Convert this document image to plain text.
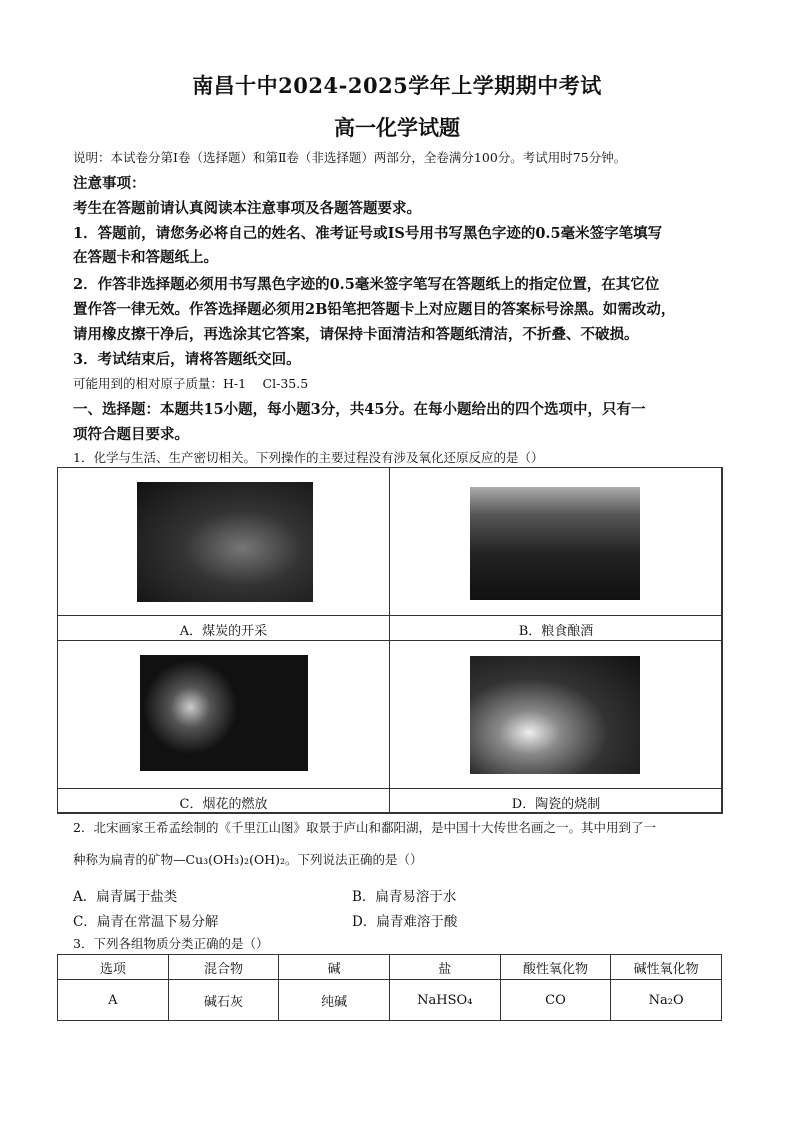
南昌十中2024-2025学年上学期期中考试
高一化学试题
说明：本试卷分第Ⅰ卷（选择题）和第Ⅱ卷（非选择题）两部分，全卷满分100分。考试用时75分钟。
注意事项：
考生在答题前请认真阅读本注意事项及各题答题要求。
1．答题前，请您务必将自己的姓名、准考证号或IS号用书写黑色字迹的0.5毫米签字笔填写
在答题卡和答题纸上。
2．作答非选择题必须用书写黑色字迹的0.5毫米签字笔写在答题纸上的指定位置，在其它位
置作答一律无效。作答选择题必须用2B铅笔把答题卡上对应题目的答案标号涂黑。如需改动，
请用橡皮擦干净后，再选涂其它答案，请保持卡面清洁和答题纸清洁，不折叠、不破损。
3．考试结束后，请将答题纸交回。
可能用到的相对原子质量：H-1　 Cl-35.5
一、选择题：本题共15小题，每小题3分，共45分。在每小题给出的四个选项中，只有一
项符合题目要求。
1．化学与生活、生产密切相关。下列操作的主要过程没有涉及氧化还原反应的是（）
A．煤炭的开采	B．粮食酿酒
C．烟花的燃放	D．陶瓷的烧制
2．北宋画家王希孟绘制的《千里江山图》取景于庐山和鄱阳湖，是中国十大传世名画之一。其中用到了一
种称为扁青的矿物—Cu₃(OH₃)₂(OH)₂。下列说法正确的是（）
A．扁青属于盐类	B．扁青易溶于水
C．扁青在常温下易分解	D．扁青难溶于酸
3．下列各组物质分类正确的是（）
选项	混合物	碱	盐	酸性氧化物	碱性氧化物
A	碱石灰	纯碱	NaHSO₄	CO	Na₂O
